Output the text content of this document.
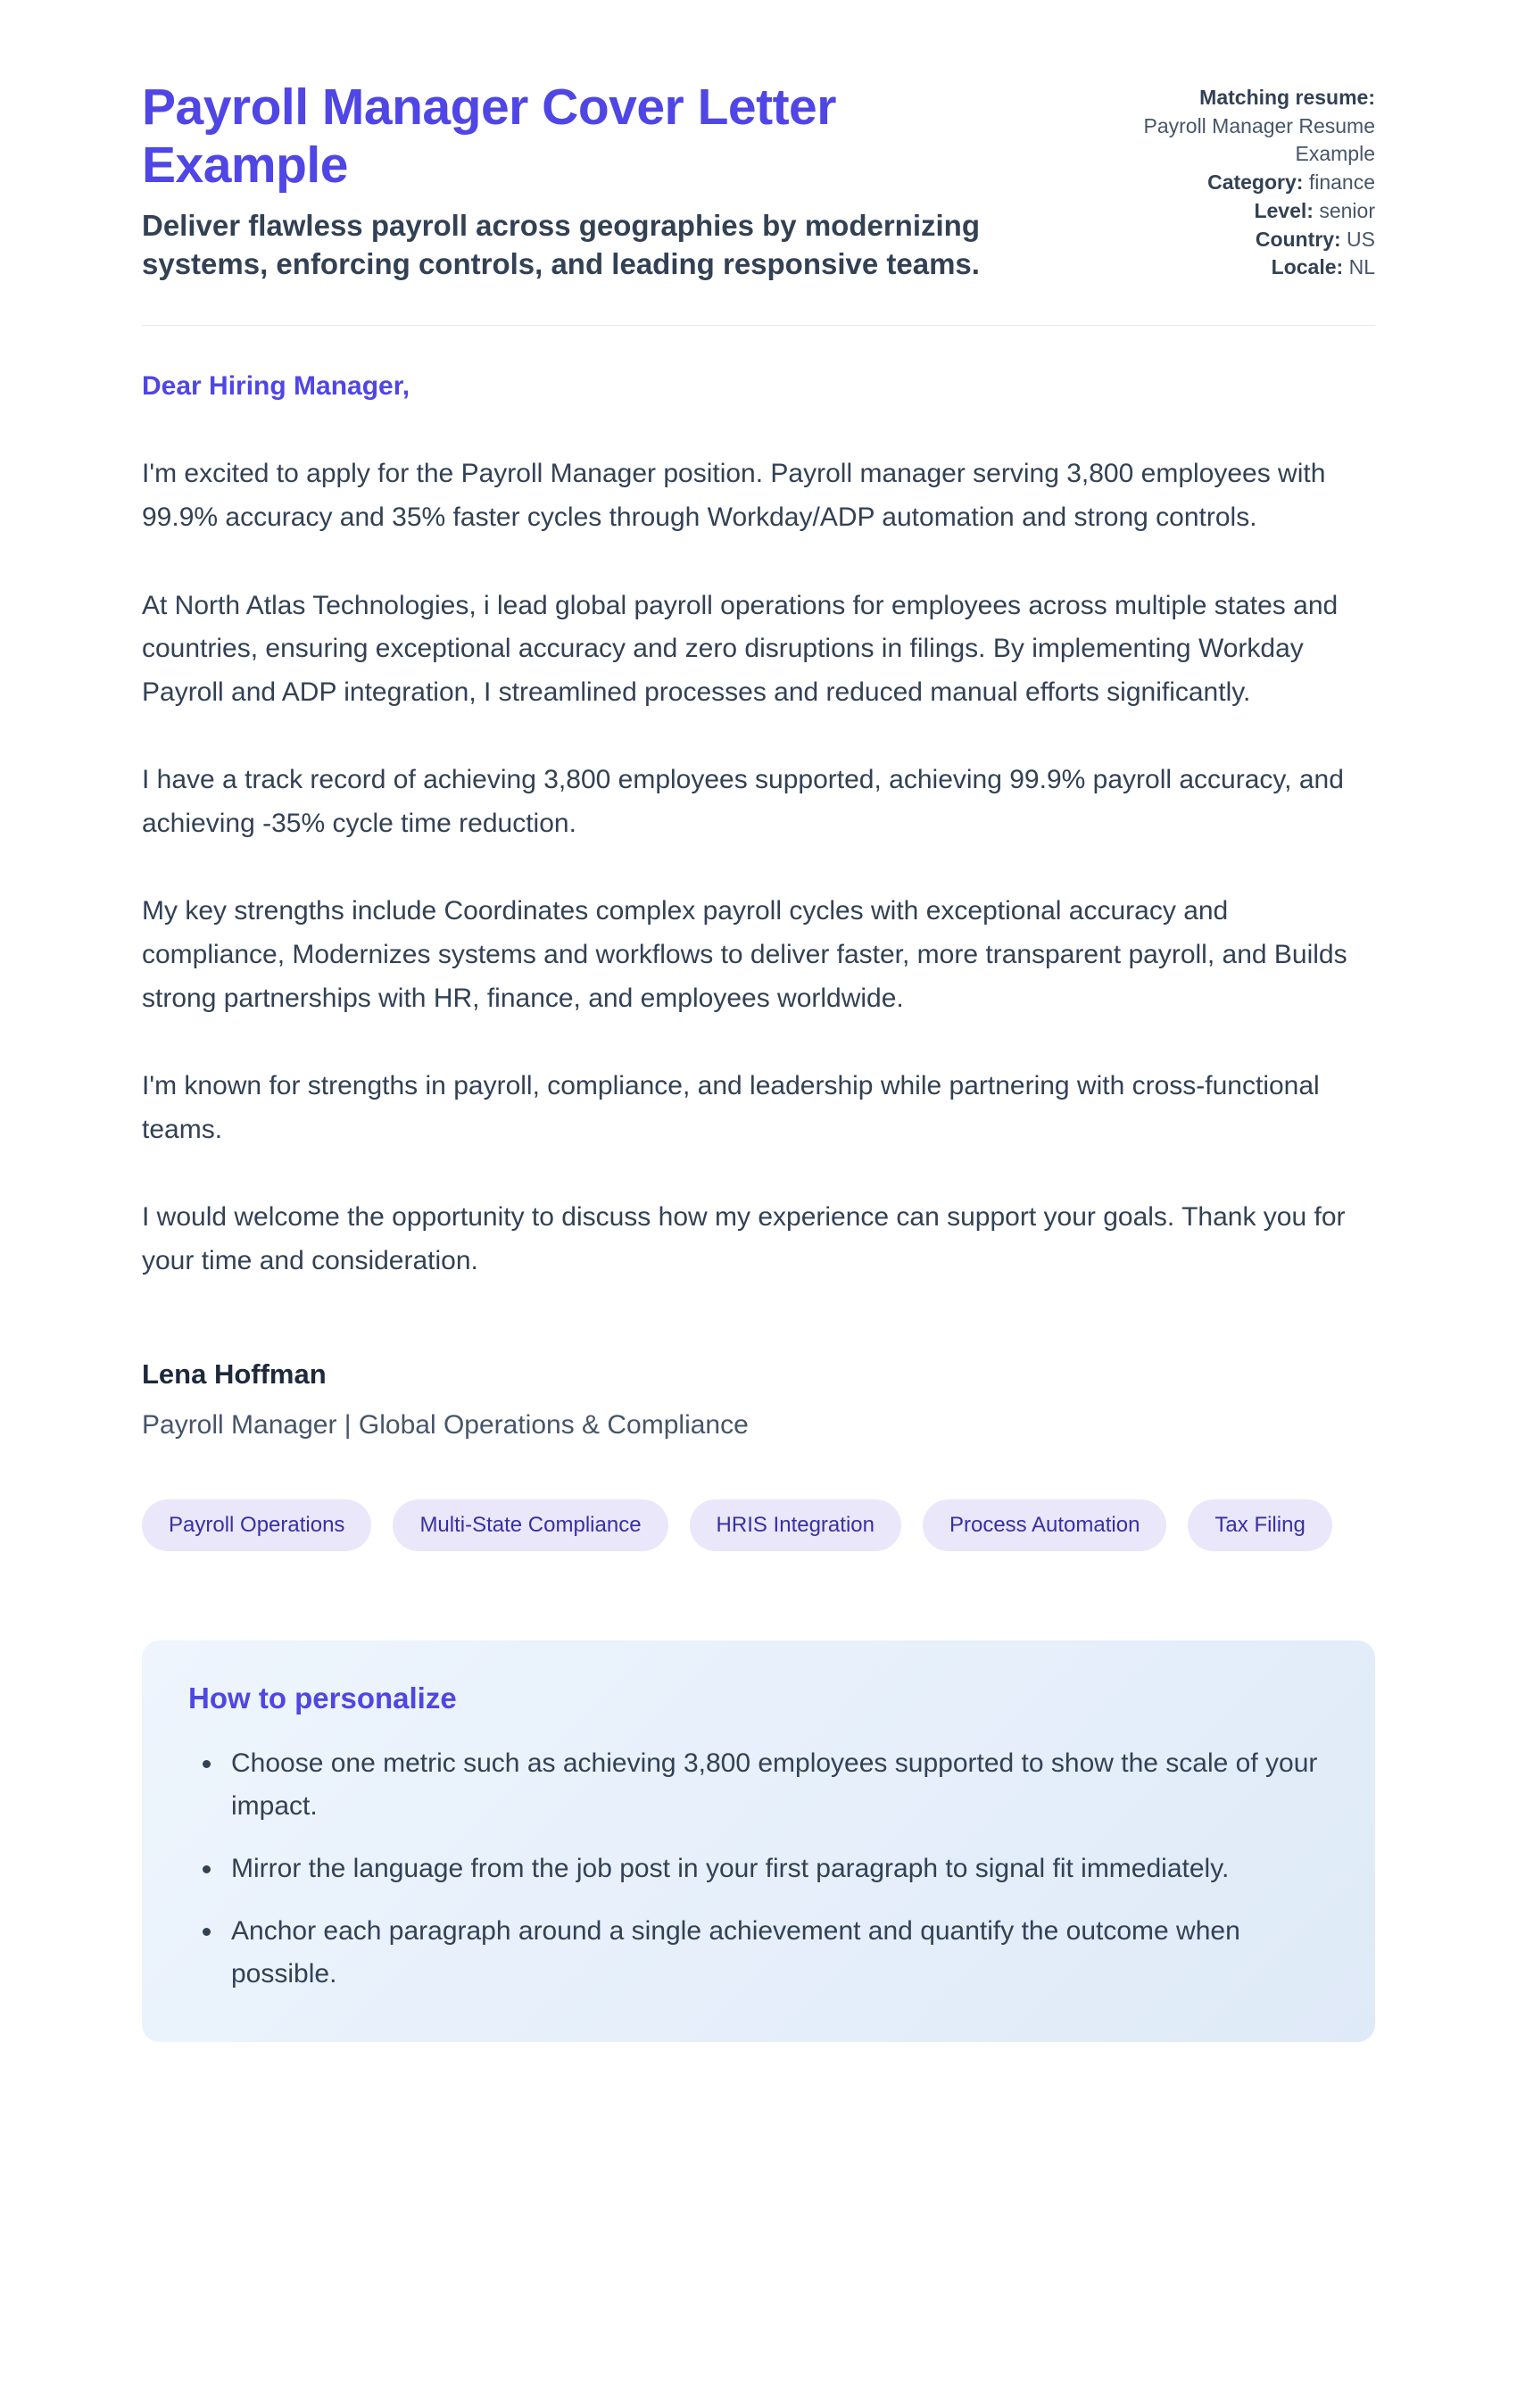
Payroll Manager Cover Letter Example

Deliver flawless payroll across geographies by modernizing systems, enforcing controls, and leading responsive teams.

Matching resume:
Payroll Manager Resume Example
Category: finance
Level: senior
Country: US
Locale: NL

Dear Hiring Manager,

I'm excited to apply for the Payroll Manager position. Payroll manager serving 3,800 employees with 99.9% accuracy and 35% faster cycles through Workday/ADP automation and strong controls.

At North Atlas Technologies, i lead global payroll operations for employees across multiple states and countries, ensuring exceptional accuracy and zero disruptions in filings. By implementing Workday Payroll and ADP integration, I streamlined processes and reduced manual efforts significantly.

I have a track record of achieving 3,800 employees supported, achieving 99.9% payroll accuracy, and achieving -35% cycle time reduction.

My key strengths include Coordinates complex payroll cycles with exceptional accuracy and compliance, Modernizes systems and workflows to deliver faster, more transparent payroll, and Builds strong partnerships with HR, finance, and employees worldwide.

I'm known for strengths in payroll, compliance, and leadership while partnering with cross-functional teams.

I would welcome the opportunity to discuss how my experience can support your goals. Thank you for your time and consideration.

Lena Hoffman

Payroll Manager | Global Operations & Compliance

Payroll Operations	Multi-State Compliance	HRIS Integration	Process Automation	Tax Filing
How to personalize
• Choose one metric such as achieving 3,800 employees supported to show the scale of your impact.
• Mirror the language from the job post in your first paragraph to signal fit immediately.
• Anchor each paragraph around a single achievement and quantify the outcome when possible.
